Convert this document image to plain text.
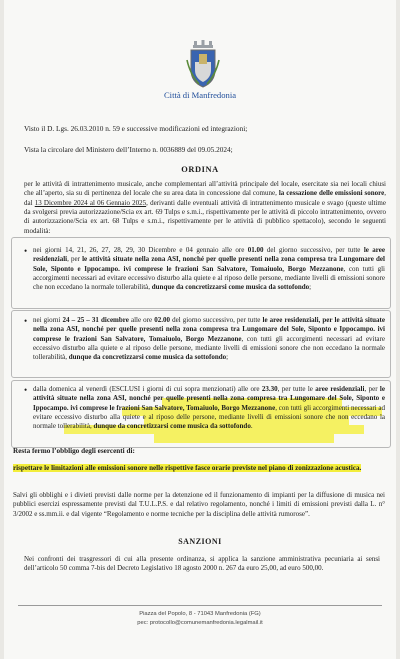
Città di Manfredonia
Visto il D. Lgs. 26.03.2010 n. 59 e successive modificazioni ed integrazioni;
Vista la circolare del Ministero dell’Interno n. 0036889 del 09.05.2024;
ORDINA
per le attività di intrattenimento musicale, anche complementari all’attività principale del locale, esercitate sia nei locali chiusi che all’aperto, sia su di pertinenza del locale che su area data in concessione dal comune, la cessazione delle emissioni sonore, dal 13 Dicembre 2024 al 06 Gennaio 2025, derivanti dalle eventuali attività di intrattenimento musicale e svago (queste ultime da svolgersi previa autorizzazione/Scia ex art. 69 Tulps e s.m.i., rispettivamente per le attività di piccolo intrattenimento, ovvero di autorizzazione/Scia ex art. 68 Tulps e s.m.i., rispettivamente per le attività di pubblico spettacolo), secondo le seguenti modalità:
• nei giorni 14, 21, 26, 27, 28, 29, 30 Dicembre e 04 gennaio alle ore 01.00 del giorno successivo, per tutte le aree residenziali, per le attività situate nella zona ASI, nonché per quelle presenti nella zona compresa tra Lungomare del Sole, Siponto e Ippocampo. ivi comprese le frazioni San Salvatore, Tomaiuolo, Borgo Mezzanone, con tutti gli accorgimenti necessari ad evitare eccessivo disturbo alla quiete e al riposo delle persone, mediante livelli di emissioni sonore che non eccedano la normale tollerabilità, dunque da concretizzarsi come musica da sottofondo;
• nei giorni 24 – 25 – 31 dicembre alle ore 02.00 del giorno successivo, per tutte le aree residenziali, per le attività situate nella zona ASI, nonché per quelle presenti nella zona compresa tra Lungomare del Sole, Siponto e Ippocampo. ivi comprese le frazioni San Salvatore, Tomaiuolo, Borgo Mezzanone, con tutti gli accorgimenti necessari ad evitare eccessivo disturbo alla quiete e al riposo delle persone, mediante livelli di emissioni sonore che non eccedano la normale tollerabilità, dunque da concretizzarsi come musica da sottofondo;
• dalla domenica al venerdì (ESCLUSI i giorni di cui sopra menzionati) alle ore 23.30, per tutte le aree residenziali, per le attività situate nella zona ASI, nonché per quelle presenti nella zona compresa tra Lungomare del Sole, Siponto e Ippocampo. ivi comprese le frazioni San Salvatore, Tomaiuolo, Borgo Mezzanone, con tutti gli accorgimenti necessari ad evitare eccessivo disturbo alla quiete e al riposo delle persone, mediante livelli di emissioni sonore che non eccedano la normale tollerabilità, dunque da concretizzarsi come musica da sottofondo.
Resta fermo l’obbligo degli esercenti di:
rispettare le limitazioni alle emissioni sonore nelle rispettive fasce orarie previste nel piano di zonizzazione acustica.
Salvi gli obblighi e i divieti previsti dalle norme per la detenzione ed il funzionamento di impianti per la diffusione di musica nei pubblici esercizi espressamente previsti dal T.U.L.P.S. e dal relativo regolamento, nonché i limiti di emissioni previsti dalla L. n° 3/2002 e ss.mm.ii. e dal vigente “Regolamento e norme tecniche per la disciplina delle attività rumorose”.
SANZIONI
Nei confronti dei trasgressori di cui alla presente ordinanza, si applica la sanzione amministrativa pecuniaria ai sensi dell’articolo 50 comma 7-bis del Decreto Legislativo 18 agosto 2000 n. 267 da euro 25,00, ad euro 500,00.
Piazza del Popolo, 8 - 71043 Manfredonia (FG)
pec: protocollo@comunemanfredonia.legalmail.it
